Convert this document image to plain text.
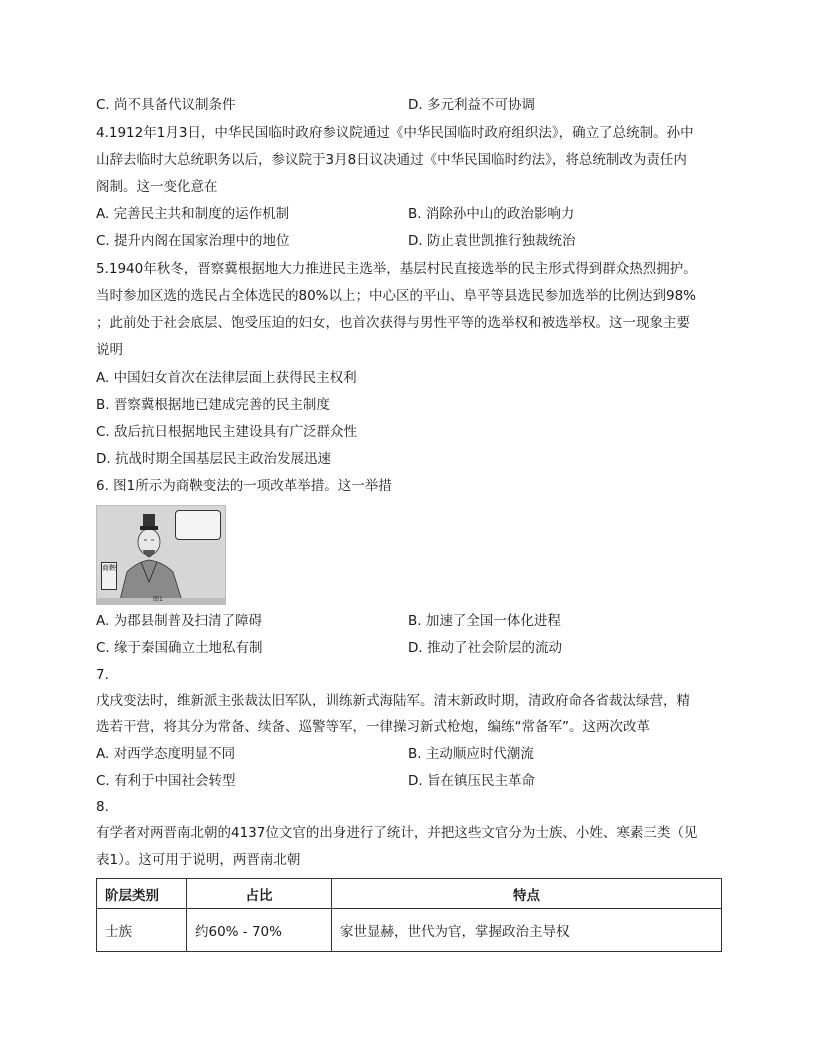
C. 尚不具备代议制条件	D. 多元利益不可协调
4.1912年1月3日，中华民国临时政府参议院通过《中华民国临时政府组织法》，确立了总统制。孙中
山辞去临时大总统职务以后，参议院于3月8日议决通过《中华民国临时约法》，将总统制改为责任内
阁制。这一变化意在
A. 完善民主共和制度的运作机制	B. 消除孙中山的政治影响力
C. 提升内阁在国家治理中的地位	D. 防止袁世凯推行独裁统治
5.1940年秋冬，晋察冀根据地大力推进民主选举，基层村民直接选举的民主形式得到群众热烈拥护。
当时参加区选的选民占全体选民的80%以上；中心区的平山、阜平等县选民参加选举的比例达到98%
；此前处于社会底层、饱受压迫的妇女，也首次获得与男性平等的选举权和被选举权。这一现象主要
说明
A. 中国妇女首次在法律层面上获得民主权利
B. 晋察冀根据地已建成完善的民主制度
C. 敌后抗日根据地民主建设具有广泛群众性
D. 抗战时期全国基层民主政治发展迅速
6. 图1所示为商鞅变法的一项改革举措。这一举措
商鞅
图1
A. 为郡县制普及扫清了障碍	B. 加速了全国一体化进程
C. 缘于秦国确立土地私有制	D. 推动了社会阶层的流动
7.
戊戌变法时，维新派主张裁汰旧军队，训练新式海陆军。清末新政时期，清政府命各省裁汰绿营，精
选若干营，将其分为常备、续备、巡警等军，一律操习新式枪炮，编练“常备军”。这两次改革
A. 对西学态度明显不同	B. 主动顺应时代潮流
C. 有利于中国社会转型	D. 旨在镇压民主革命
8.
有学者对两晋南北朝的4137位文官的出身进行了统计，并把这些文官分为士族、小姓、寒素三类（见
表1）。这可用于说明，两晋南北朝
阶层类别	占比	特点
士族	约60% - 70%	家世显赫，世代为官，掌握政治主导权
